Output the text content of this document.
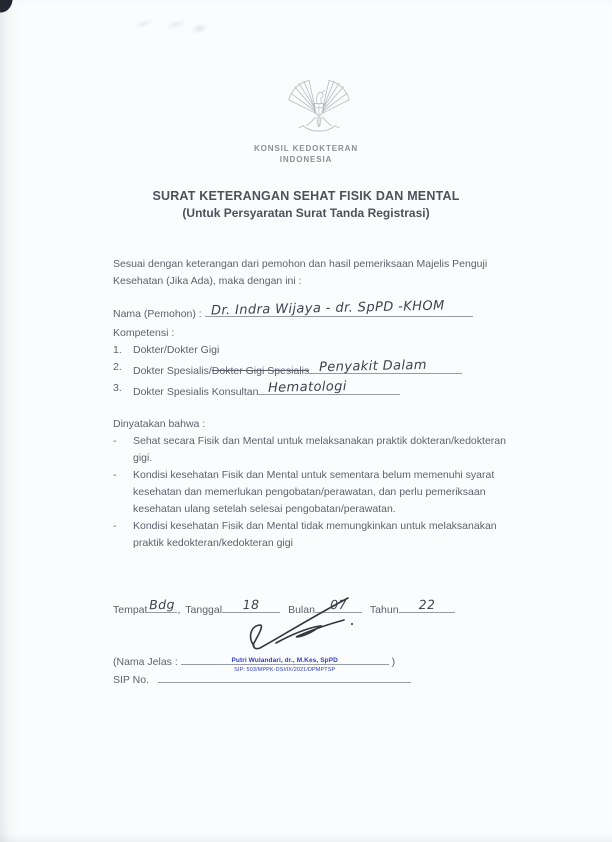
KONSIL KEDOKTERAN
INDONESIA
SURAT KETERANGAN SEHAT FISIK DAN MENTAL
(Untuk Persyaratan Surat Tanda Registrasi)

Sesuai dengan keterangan dari pemohon dan hasil pemeriksaan Majelis Penguji Kesehatan (Jika Ada), maka dengan ini :

Nama (Pemohon) : Dr. Indra Wijaya - dr. SpPD -KHOM
Kompetensi :
1.	Dokter/Dokter Gigi
2.	Dokter Spesialis/Dokter Gigi Spesialis Penyakit Dalam
3.	Dokter Spesialis Konsultan Hematologi
Dinyatakan bahwa :
-	Sehat secara Fisik dan Mental untuk melaksanakan praktik dokteran/kedokteran gigi.
-	Kondisi kesehatan Fisik dan Mental untuk sementara belum memenuhi syarat kesehatan dan memerlukan pengobatan/perawatan, dan perlu pemeriksaan kesehatan ulang setelah selesai pengobatan/perawatan.
-	Kondisi kesehatan Fisik dan Mental tidak memungkinkan untuk melaksanakan praktik kedokteran/kedokteran gigi
Tempat Bdg , Tanggal	18	Bulan	07	Tahun	22
(Nama Jelas :	Putri Wulandari, dr., M.Kes, SpPD
SIP: 503/MPPK-DSI/IX/2021/DPMPTSP
)
SIP No.
